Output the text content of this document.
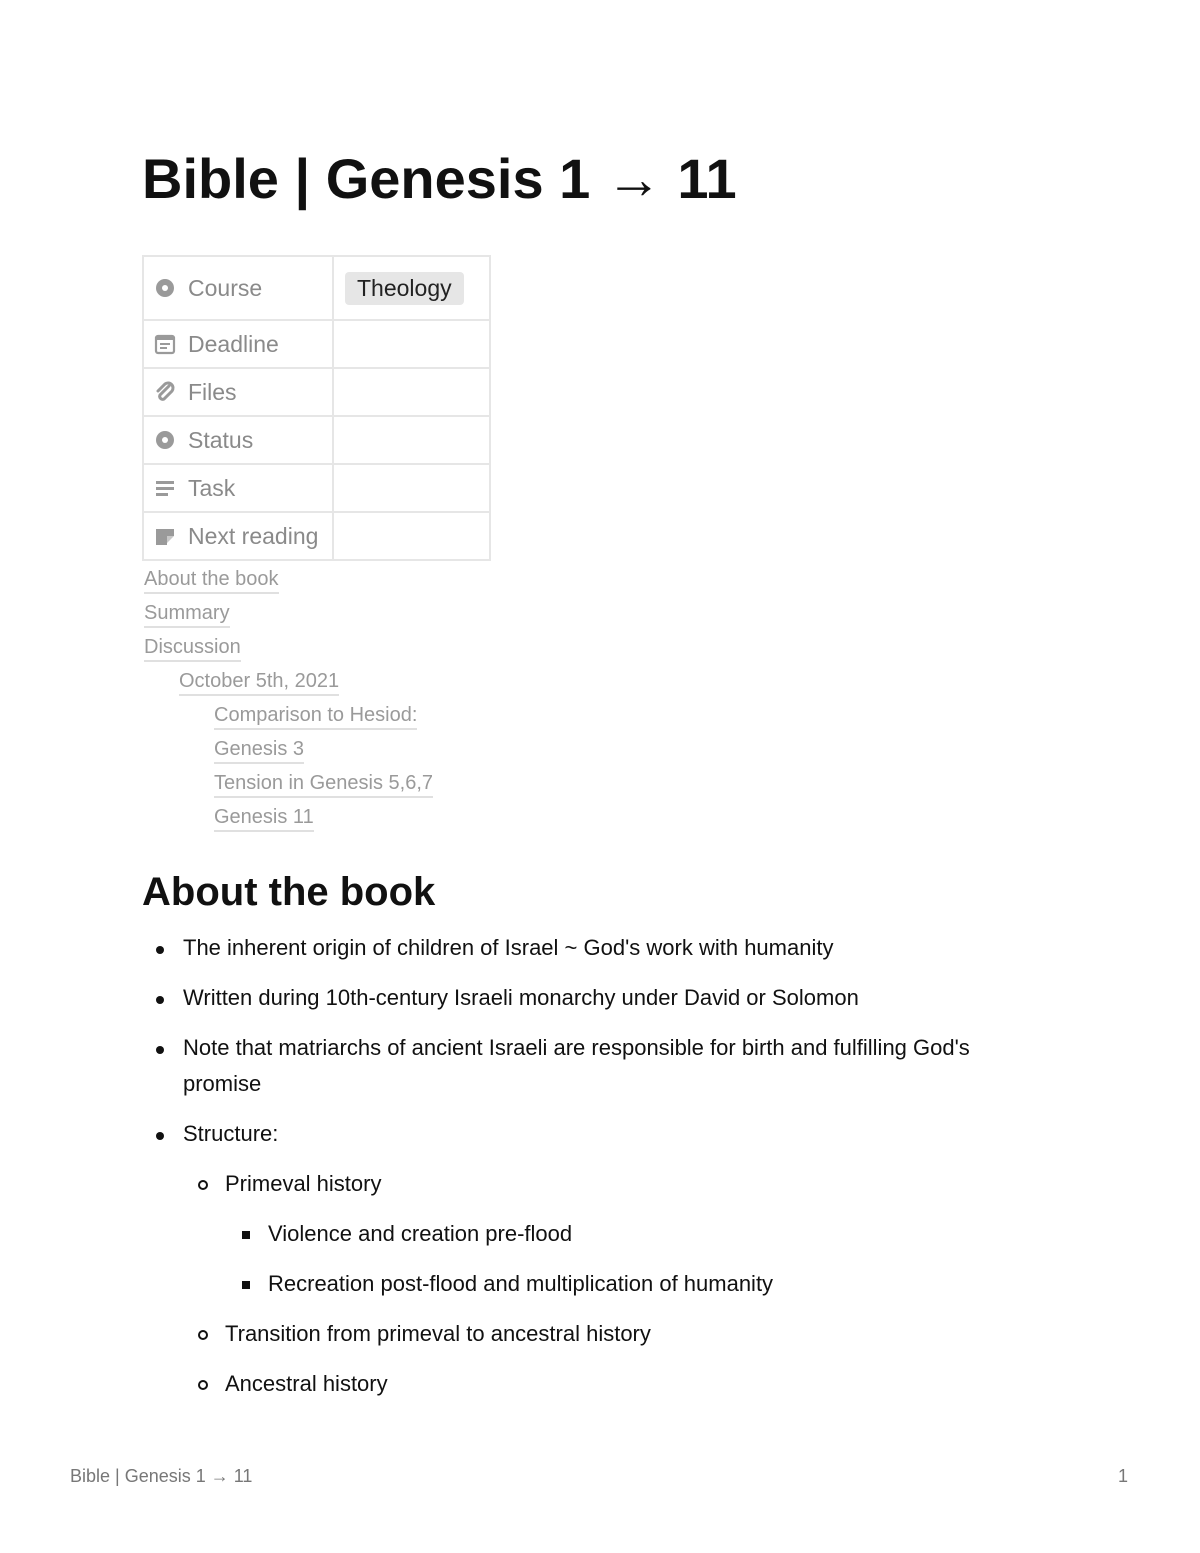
Bible | Genesis 1 → 11
Course	Theology

Deadline	

Files	

Status	

Task	

Next reading	

About the book
Summary
Discussion
October 5th, 2021
Comparison to Hesiod:
Genesis 3
Tension in Genesis 5,6,7
Genesis 11
About the book
The inherent origin of children of Israel ~ God's work with humanity
Written during 10th-century Israeli monarchy under David or Solomon
Note that matriarchs of ancient Israeli are responsible for birth and fulfilling God's promise
Structure:
Primeval history
Violence and creation pre-flood
Recreation post-flood and multiplication of humanity
Transition from primeval to ancestral history
Ancestral history
Bible | Genesis 1 → 11	1
